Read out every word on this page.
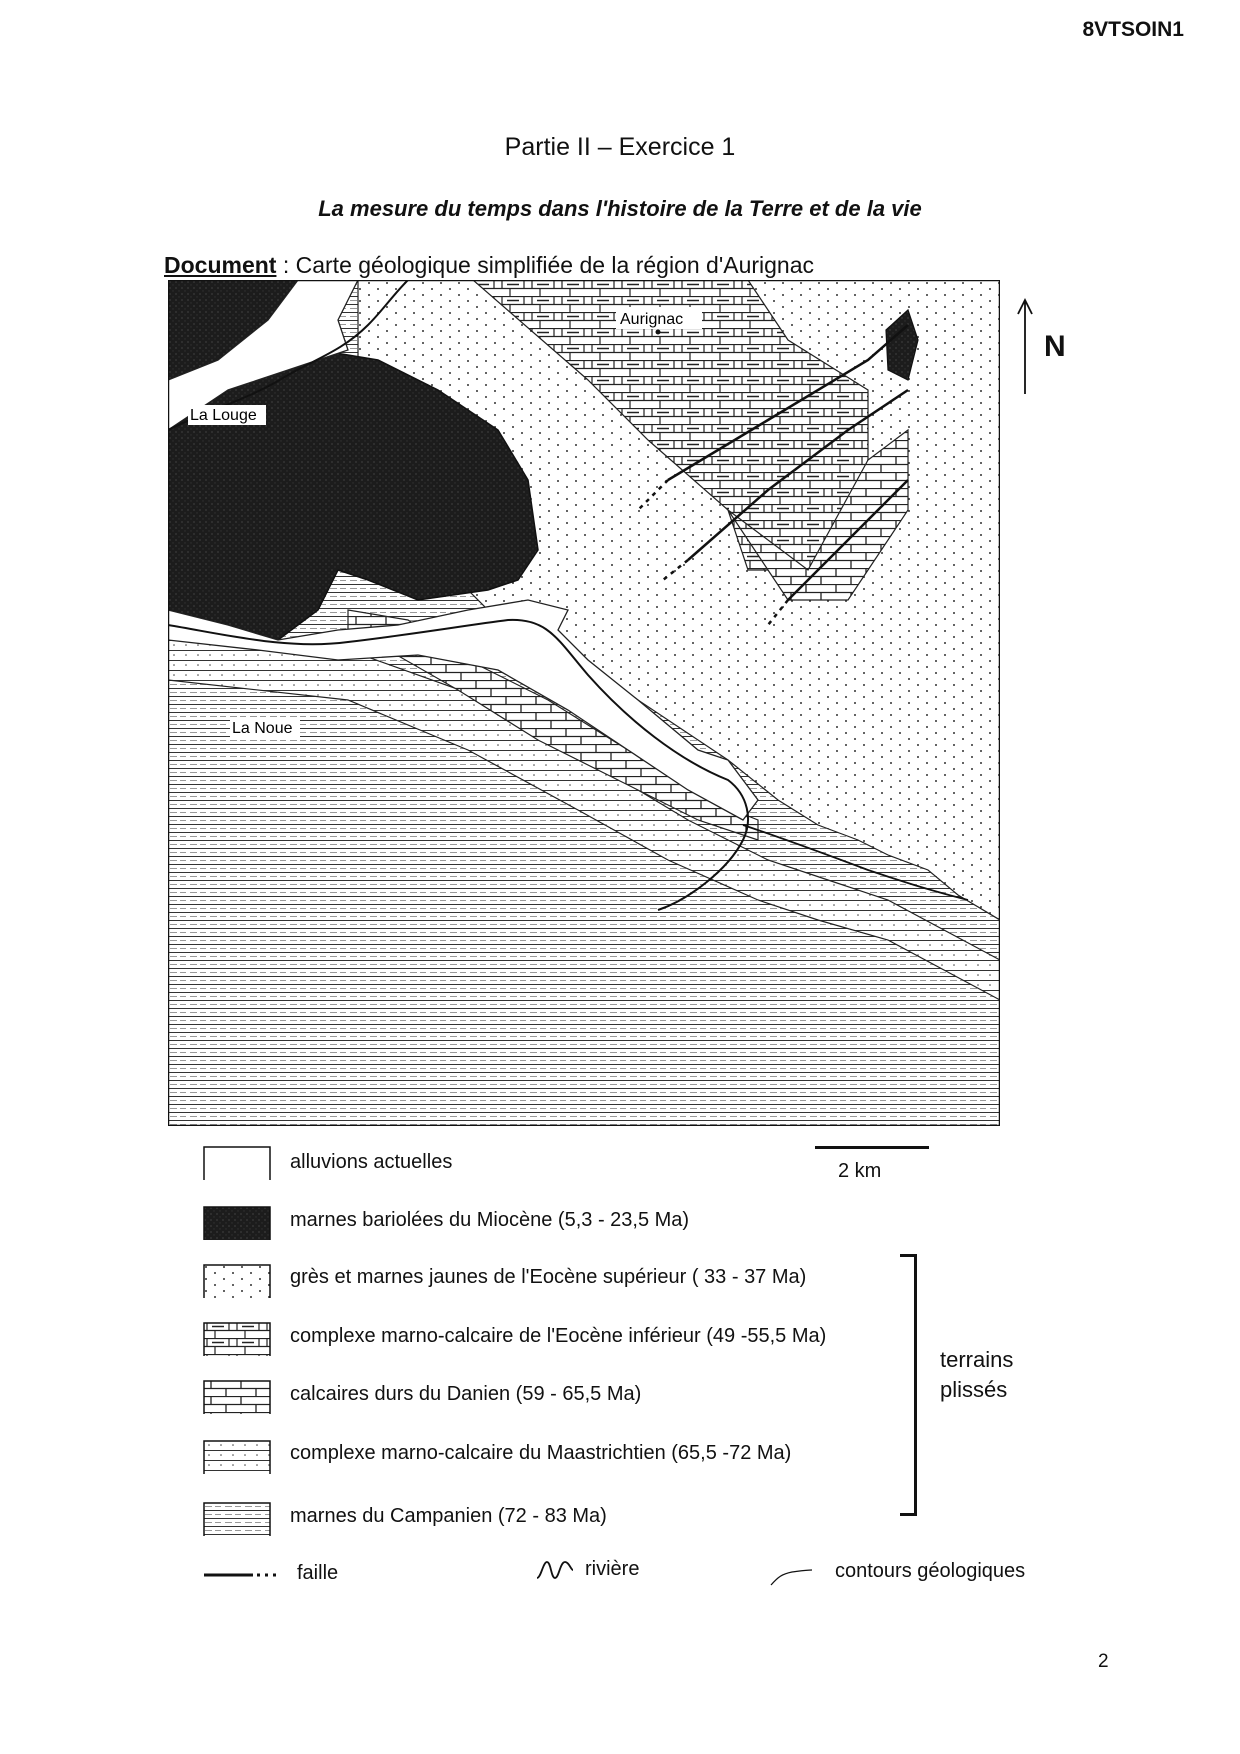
8VTSOIN1
Partie II – Exercice 1
La mesure du temps dans l'histoire de la Terre et de la vie
Document : Carte géologique simplifiée de la région d'Aurignac
Aurignac
La Louge
La Noue
N
2 km
alluvions actuelles
marnes bariolées du Miocène (5,3 - 23,5 Ma)
grès et marnes jaunes de l'Eocène supérieur ( 33 - 37 Ma)
complexe marno-calcaire de l'Eocène inférieur (49 -55,5 Ma)
calcaires durs du Danien (59 - 65,5 Ma)
complexe marno-calcaire du Maastrichtien (65,5 -72 Ma)
marnes du Campanien (72 - 83 Ma)
terrains
plissés
faille	rivière	contours géologiques
2
